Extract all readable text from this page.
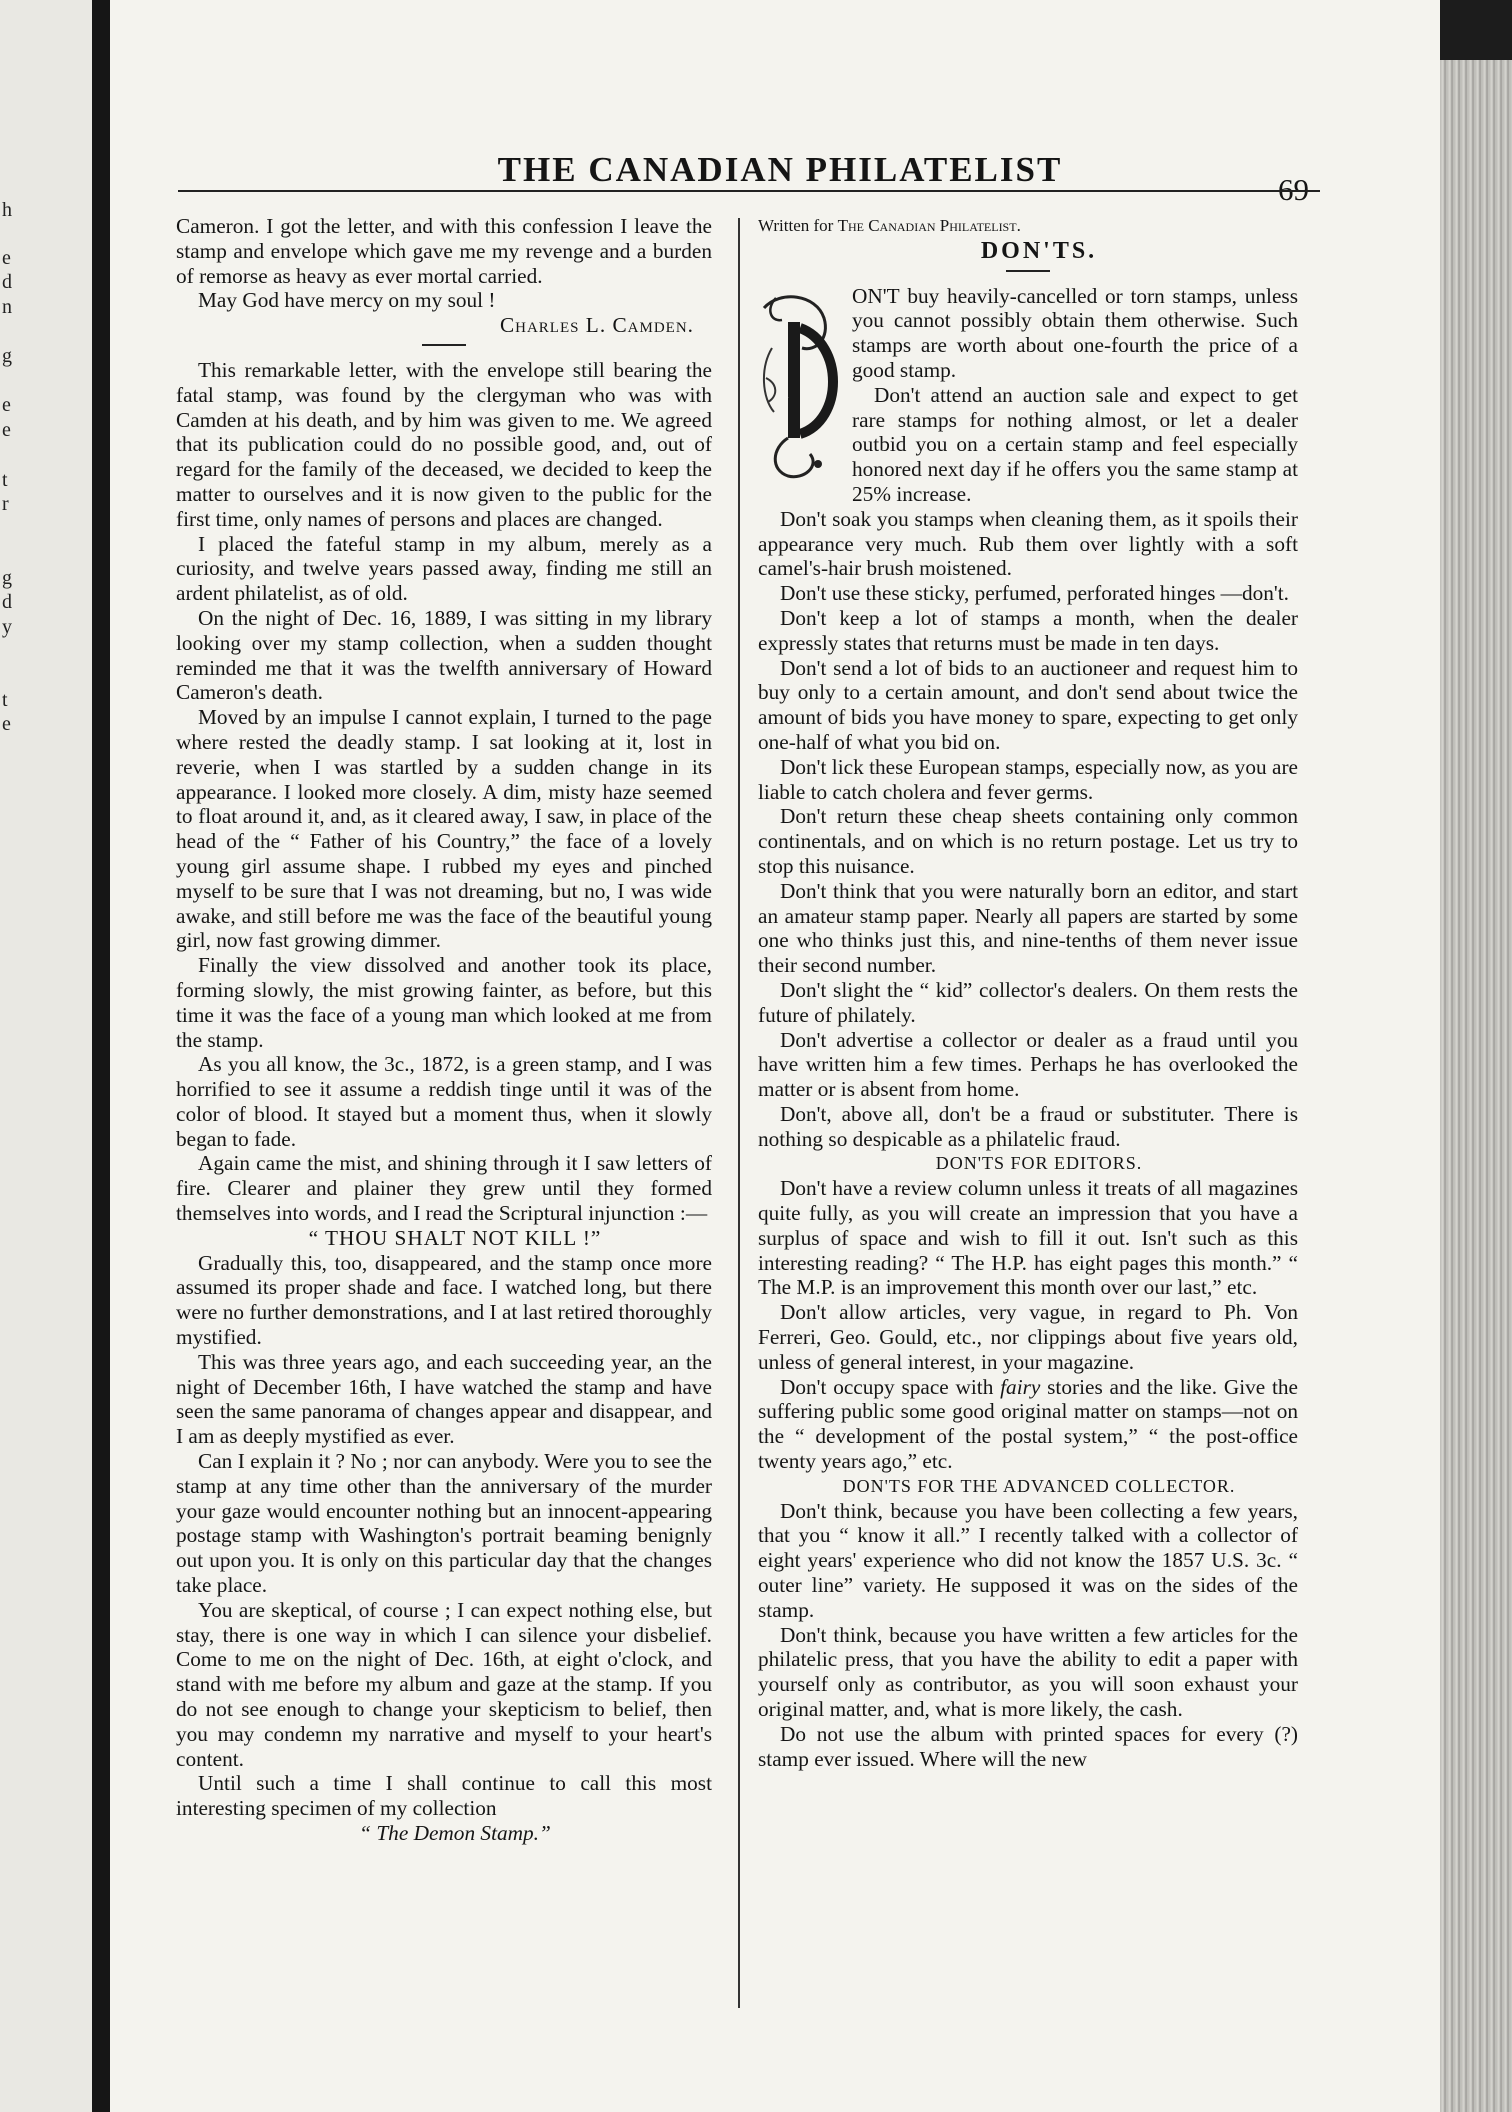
h
e
d
n
g
e
e
t
r
g
d
y
t
e
THE CANADIAN PHILATELIST
69

Cameron. I got the letter, and with this confession I leave the stamp and envelope which gave me my revenge and a burden of remorse as heavy as ever mortal carried.

May God have mercy on my soul !

Charles L. Camden.

This remarkable letter, with the envelope still bearing the fatal stamp, was found by the clergyman who was with Camden at his death, and by him was given to me. We agreed that its publication could do no possible good, and, out of regard for the family of the deceased, we decided to keep the matter to ourselves and it is now given to the public for the first time, only names of persons and places are changed.

I placed the fateful stamp in my album, merely as a curiosity, and twelve years passed away, finding me still an ardent philatelist, as of old.

On the night of Dec. 16, 1889, I was sitting in my library looking over my stamp collection, when a sudden thought reminded me that it was the twelfth anniversary of Howard Cameron's death.

Moved by an impulse I cannot explain, I turned to the page where rested the deadly stamp. I sat looking at it, lost in reverie, when I was startled by a sudden change in its appearance. I looked more closely. A dim, misty haze seemed to float around it, and, as it cleared away, I saw, in place of the head of the “ Father of his Country,” the face of a lovely young girl assume shape. I rubbed my eyes and pinched myself to be sure that I was not dreaming, but no, I was wide awake, and still before me was the face of the beautiful young girl, now fast growing dimmer.

Finally the view dissolved and another took its place, forming slowly, the mist growing fainter, as before, but this time it was the face of a young man which looked at me from the stamp.

As you all know, the 3c., 1872, is a green stamp, and I was horrified to see it assume a reddish tinge until it was of the color of blood. It stayed but a moment thus, when it slowly began to fade.

Again came the mist, and shining through it I saw letters of fire. Clearer and plainer they grew until they formed themselves into words, and I read the Scriptural injunction :—

“ THOU SHALT NOT KILL !”

Gradually this, too, disappeared, and the stamp once more assumed its proper shade and face. I watched long, but there were no further demonstrations, and I at last retired thoroughly mystified.

This was three years ago, and each succeeding year, an the night of December 16th, I have watched the stamp and have seen the same panorama of changes appear and disappear, and I am as deeply mystified as ever.

Can I explain it ? No ; nor can anybody. Were you to see the stamp at any time other than the anniversary of the murder your gaze would encounter nothing but an innocent-appearing postage stamp with Washington's portrait beaming benignly out upon you. It is only on this particular day that the changes take place.

You are skeptical, of course ; I can expect nothing else, but stay, there is one way in which I can silence your disbelief. Come to me on the night of Dec. 16th, at eight o'clock, and stand with me before my album and gaze at the stamp. If you do not see enough to change your skepticism to belief, then you may condemn my narrative and myself to your heart's content.

Until such a time I shall continue to call this most interesting specimen of my collection

“ The Demon Stamp.”

Written for The Canadian Philatelist.

DON'TS.

D
ON'T buy heavily-cancelled or torn stamps, unless you cannot possibly obtain them otherwise. Such stamps are worth about one-fourth the price of a good stamp.

Don't attend an auction sale and expect to get rare stamps for nothing almost, or let a dealer outbid you on a certain stamp and feel especially honored next day if he offers you the same stamp at 25% increase.

Don't soak you stamps when cleaning them, as it spoils their appearance very much. Rub them over lightly with a soft camel's-hair brush moistened.

Don't use these sticky, perfumed, perforated hinges —don't.

Don't keep a lot of stamps a month, when the dealer expressly states that returns must be made in ten days.

Don't send a lot of bids to an auctioneer and request him to buy only to a certain amount, and don't send about twice the amount of bids you have money to spare, expecting to get only one-half of what you bid on.

Don't lick these European stamps, especially now, as you are liable to catch cholera and fever germs.

Don't return these cheap sheets containing only common continentals, and on which is no return postage. Let us try to stop this nuisance.

Don't think that you were naturally born an editor, and start an amateur stamp paper. Nearly all papers are started by some one who thinks just this, and nine-tenths of them never issue their second number.

Don't slight the “ kid” collector's dealers. On them rests the future of philately.

Don't advertise a collector or dealer as a fraud until you have written him a few times. Perhaps he has overlooked the matter or is absent from home.

Don't, above all, don't be a fraud or substituter. There is nothing so despicable as a philatelic fraud.

DON'TS FOR EDITORS.

Don't have a review column unless it treats of all magazines quite fully, as you will create an impression that you have a surplus of space and wish to fill it out. Isn't such as this interesting reading? “ The H.P. has eight pages this month.” “ The M.P. is an improvement this month over our last,” etc.

Don't allow articles, very vague, in regard to Ph. Von Ferreri, Geo. Gould, etc., nor clippings about five years old, unless of general interest, in your magazine.

Don't occupy space with fairy stories and the like. Give the suffering public some good original matter on stamps—not on the “ development of the postal system,” “ the post-office twenty years ago,” etc.

DON'TS FOR THE ADVANCED COLLECTOR.

Don't think, because you have been collecting a few years, that you “ know it all.” I recently talked with a collector of eight years' experience who did not know the 1857 U.S. 3c. “ outer line” variety. He supposed it was on the sides of the stamp.

Don't think, because you have written a few articles for the philatelic press, that you have the ability to edit a paper with yourself only as contributor, as you will soon exhaust your original matter, and, what is more likely, the cash.

Do not use the album with printed spaces for every (?) stamp ever issued. Where will the new
